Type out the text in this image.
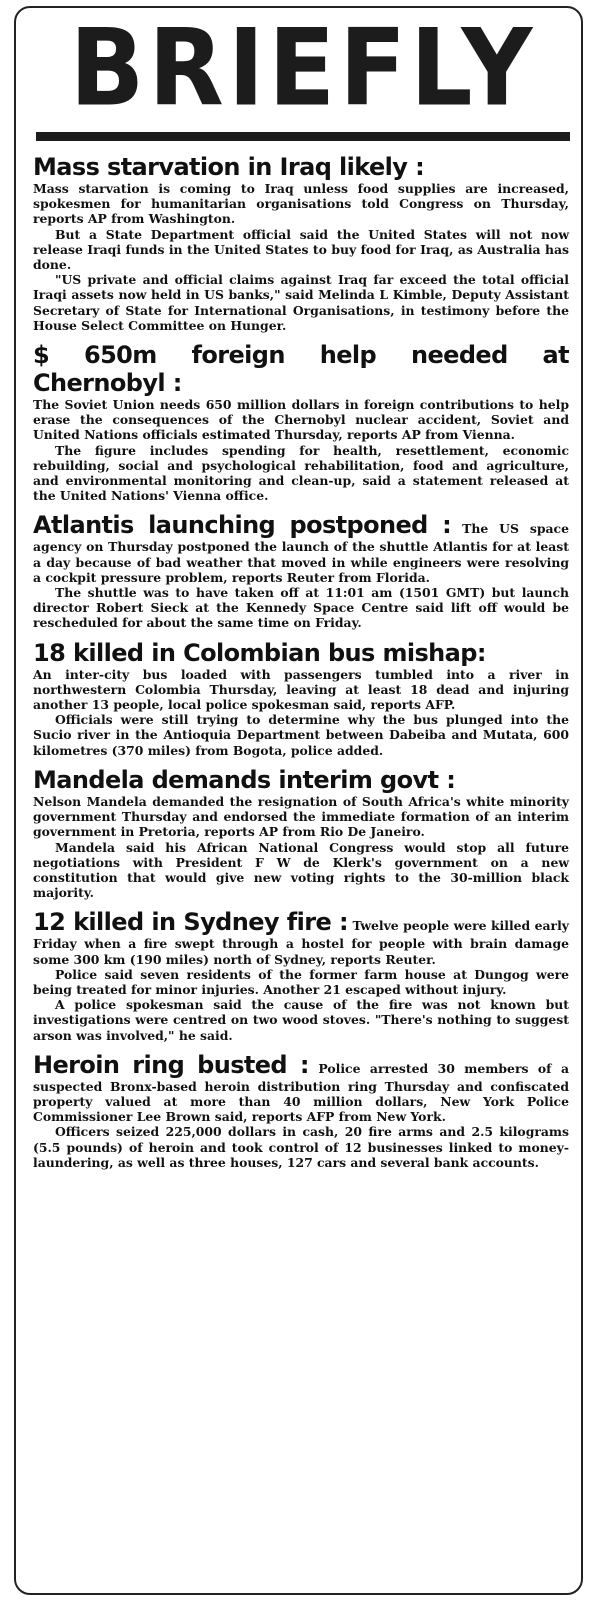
BRIEFLY

Mass starvation in Iraq likely :
Mass starvation is coming to Iraq unless food supplies are increased, spokesmen for humanitarian organisations told Congress on Thursday, reports AP from Washington.

But a State Department official said the United States will not now release Iraqi funds in the United States to buy food for Iraq, as Australia has done.

"US private and official claims against Iraq far exceed the total official Iraqi assets now held in US banks," said Melinda L Kimble, Deputy Assistant Secretary of State for International Organisations, in testimony before the House Select Committee on Hunger.

$ 650m foreign help needed at Chernobyl :
The Soviet Union needs 650 million dollars in foreign contributions to help erase the consequences of the Chernobyl nuclear accident, Soviet and United Nations officials estimated Thursday, reports AP from Vienna.

The figure includes spending for health, resettlement, economic rebuilding, social and psychological rehabilitation, food and agriculture, and environmental monitoring and clean-up, said a statement released at the United Nations' Vienna office.

Atlantis launching postponed : The US space agency on Thursday postponed the launch of the shuttle Atlantis for at least a day because of bad weather that moved in while engineers were resolving a cockpit pressure problem, reports Reuter from Florida.

The shuttle was to have taken off at 11:01 am (1501 GMT) but launch director Robert Sieck at the Kennedy Space Centre said lift off would be rescheduled for about the same time on Friday.

18 killed in Colombian bus mishap:
An inter-city bus loaded with passengers tumbled into a river in northwestern Colombia Thursday, leaving at least 18 dead and injuring another 13 people, local police spokesman said, reports AFP.

Officials were still trying to determine why the bus plunged into the Sucio river in the Antioquia Department between Dabeiba and Mutata, 600 kilometres (370 miles) from Bogota, police added.

Mandela demands interim govt :
Nelson Mandela demanded the resignation of South Africa's white minority government Thursday and endorsed the immediate formation of an interim government in Pretoria, reports AP from Rio De Janeiro.

Mandela said his African National Congress would stop all future negotiations with President F W de Klerk's government on a new constitution that would give new voting rights to the 30-million black majority.

12 killed in Sydney fire : Twelve people were killed early Friday when a fire swept through a hostel for people with brain damage some 300 km (190 miles) north of Sydney, reports Reuter.

Police said seven residents of the former farm house at Dungog were being treated for minor injuries. Another 21 escaped without injury.

A police spokesman said the cause of the fire was not known but investigations were centred on two wood stoves. "There's nothing to suggest arson was involved," he said.

Heroin ring busted : Police arrested 30 members of a suspected Bronx-based heroin distribution ring Thursday and confiscated property valued at more than 40 million dollars, New York Police Commissioner Lee Brown said, reports AFP from New York.

Officers seized 225,000 dollars in cash, 20 fire arms and 2.5 kilograms (5.5 pounds) of heroin and took control of 12 businesses linked to money-laundering, as well as three houses, 127 cars and several bank accounts.
